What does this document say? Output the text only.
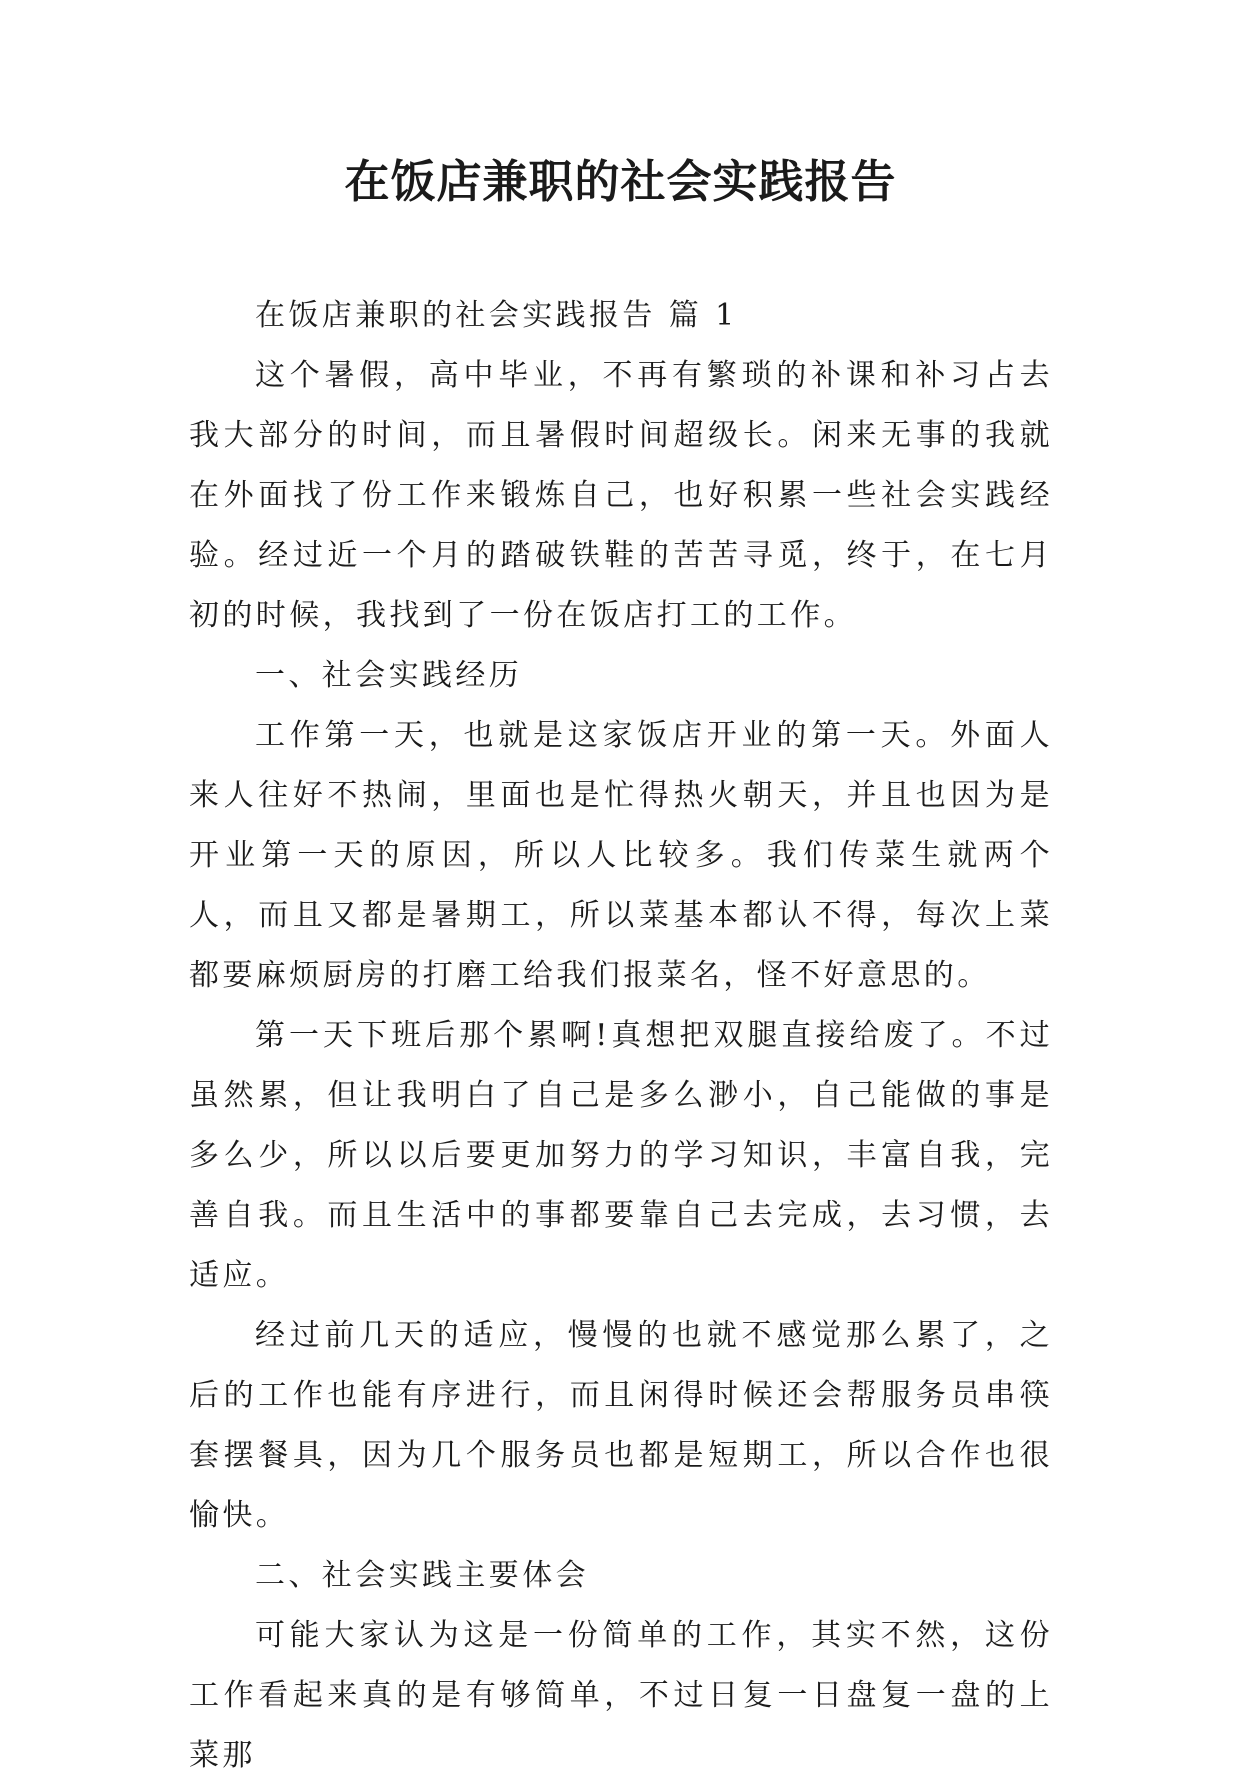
在饭店兼职的社会实践报告

在饭店兼职的社会实践报告 篇 1

这个暑假，高中毕业，不再有繁琐的补课和补习占去我大部分的时间，而且暑假时间超级长。闲来无事的我就在外面找了份工作来锻炼自己，也好积累一些社会实践经验。经过近一个月的踏破铁鞋的苦苦寻觅，终于，在七月初的时候，我找到了一份在饭店打工的工作。

一、社会实践经历

工作第一天，也就是这家饭店开业的第一天。外面人来人往好不热闹，里面也是忙得热火朝天，并且也因为是开业第一天的原因，所以人比较多。我们传菜生就两个人，而且又都是暑期工，所以菜基本都认不得，每次上菜都要麻烦厨房的打磨工给我们报菜名，怪不好意思的。

第一天下班后那个累啊!真想把双腿直接给废了。不过虽然累，但让我明白了自己是多么渺小，自己能做的事是多么少，所以以后要更加努力的学习知识，丰富自我，完善自我。而且生活中的事都要靠自己去完成，去习惯，去适应。

经过前几天的适应，慢慢的也就不感觉那么累了，之后的工作也能有序进行，而且闲得时候还会帮服务员串筷套摆餐具，因为几个服务员也都是短期工，所以合作也很愉快。

二、社会实践主要体会

可能大家认为这是一份简单的工作，其实不然，这份工作看起来真的是有够简单，不过日复一日盘复一盘的上菜那
